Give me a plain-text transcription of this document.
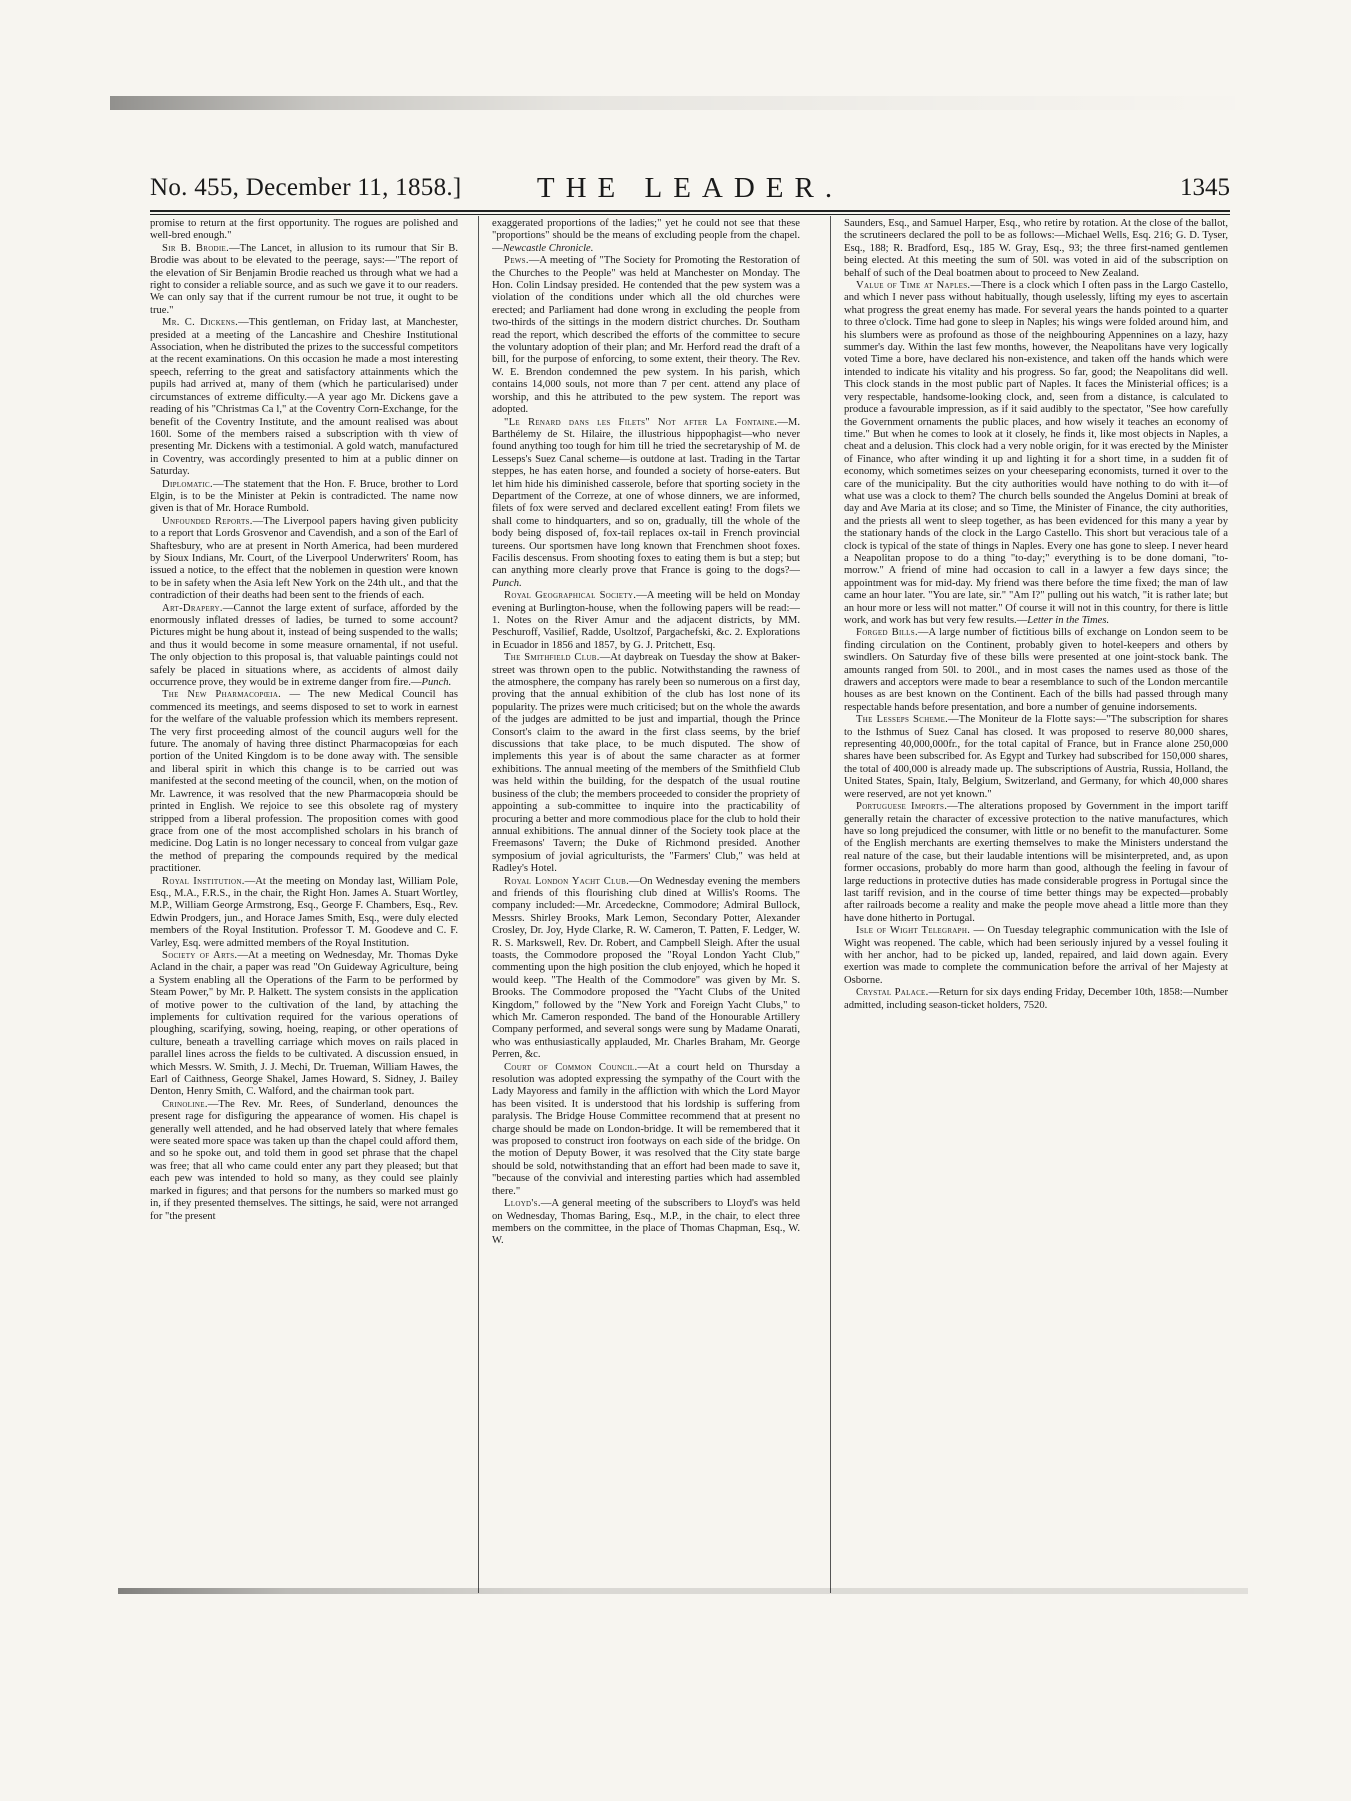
No. 455, December 11, 1858.]	THE LEADER.	1345

promise to return at the first opportunity. The rogues are polished and well-bred enough."

Sir B. Brodie.—The Lancet, in allusion to its rumour that Sir B. Brodie was about to be elevated to the peerage, says:—"The report of the elevation of Sir Benjamin Brodie reached us through what we had a right to consider a reliable source, and as such we gave it to our readers. We can only say that if the current rumour be not true, it ought to be true."

Mr. C. Dickens.—This gentleman, on Friday last, at Manchester, presided at a meeting of the Lancashire and Cheshire Institutional Association, when he distributed the prizes to the successful competitors at the recent examinations. On this occasion he made a most interesting speech, referring to the great and satisfactory attainments which the pupils had arrived at, many of them (which he particularised) under circumstances of extreme difficulty.—A year ago Mr. Dickens gave a reading of his "Christmas Ca l," at the Coventry Corn-Exchange, for the benefit of the Coventry Institute, and the amount realised was about 160l. Some of the members raised a subscription with th view of presenting Mr. Dickens with a testimonial. A gold watch, manufactured in Coventry, was accordingly presented to him at a public dinner on Saturday.

Diplomatic.—The statement that the Hon. F. Bruce, brother to Lord Elgin, is to be the Minister at Pekin is contradicted. The name now given is that of Mr. Horace Rumbold.

Unfounded Reports.—The Liverpool papers having given publicity to a report that Lords Grosvenor and Cavendish, and a son of the Earl of Shaftesbury, who are at present in North America, had been murdered by Sioux Indians, Mr. Court, of the Liverpool Underwriters' Room, has issued a notice, to the effect that the noblemen in question were known to be in safety when the Asia left New York on the 24th ult., and that the contradiction of their deaths had been sent to the friends of each.

Art-Drapery.—Cannot the large extent of surface, afforded by the enormously inflated dresses of ladies, be turned to some account? Pictures might be hung about it, instead of being suspended to the walls; and thus it would become in some measure ornamental, if not useful. The only objection to this proposal is, that valuable paintings could not safely be placed in situations where, as accidents of almost daily occurrence prove, they would be in extreme danger from fire.—Punch.

The New Pharmacopœia. — The new Medical Council has commenced its meetings, and seems disposed to set to work in earnest for the welfare of the valuable profession which its members represent. The very first proceeding almost of the council augurs well for the future. The anomaly of having three distinct Pharmacopœias for each portion of the United Kingdom is to be done away with. The sensible and liberal spirit in which this change is to be carried out was manifested at the second meeting of the council, when, on the motion of Mr. Lawrence, it was resolved that the new Pharmacopœia should be printed in English. We rejoice to see this obsolete rag of mystery stripped from a liberal profession. The proposition comes with good grace from one of the most accomplished scholars in his branch of medicine. Dog Latin is no longer necessary to conceal from vulgar gaze the method of preparing the compounds required by the medical practitioner.

Royal Institution.—At the meeting on Monday last, William Pole, Esq., M.A., F.R.S., in the chair, the Right Hon. James A. Stuart Wortley, M.P., William George Armstrong, Esq., George F. Chambers, Esq., Rev. Edwin Prodgers, jun., and Horace James Smith, Esq., were duly elected members of the Royal Institution. Professor T. M. Goodeve and C. F. Varley, Esq. were admitted members of the Royal Institution.

Society of Arts.—At a meeting on Wednesday, Mr. Thomas Dyke Acland in the chair, a paper was read "On Guideway Agriculture, being a System enabling all the Operations of the Farm to be performed by Steam Power," by Mr. P. Halkett. The system consists in the application of motive power to the cultivation of the land, by attaching the implements for cultivation required for the various operations of ploughing, scarifying, sowing, hoeing, reaping, or other operations of culture, beneath a travelling carriage which moves on rails placed in parallel lines across the fields to be cultivated. A discussion ensued, in which Messrs. W. Smith, J. J. Mechi, Dr. Trueman, William Hawes, the Earl of Caithness, George Shakel, James Howard, S. Sidney, J. Bailey Denton, Henry Smith, C. Walford, and the chairman took part.

Crinoline.—The Rev. Mr. Rees, of Sunderland, denounces the present rage for disfiguring the appearance of women. His chapel is generally well attended, and he had observed lately that where females were seated more space was taken up than the chapel could afford them, and so he spoke out, and told them in good set phrase that the chapel was free; that all who came could enter any part they pleased; but that each pew was intended to hold so many, as they could see plainly marked in figures; and that persons for the numbers so marked must go in, if they presented themselves. The sittings, he said, were not arranged for "the present

exaggerated proportions of the ladies;" yet he could not see that these "proportions" should be the means of excluding people from the chapel.—Newcastle Chronicle.

Pews.—A meeting of "The Society for Promoting the Restoration of the Churches to the People" was held at Manchester on Monday. The Hon. Colin Lindsay presided. He contended that the pew system was a violation of the conditions under which all the old churches were erected; and Parliament had done wrong in excluding the people from two-thirds of the sittings in the modern district churches. Dr. Southam read the report, which described the efforts of the committee to secure the voluntary adoption of their plan; and Mr. Herford read the draft of a bill, for the purpose of enforcing, to some extent, their theory. The Rev. W. E. Brendon condemned the pew system. In his parish, which contains 14,000 souls, not more than 7 per cent. attend any place of worship, and this he attributed to the pew system. The report was adopted.

"Le Renard dans les Filets" Not after La Fontaine.—M. Barthélemy de St. Hilaire, the illustrious hippophagist—who never found anything too tough for him till he tried the secretaryship of M. de Lesseps's Suez Canal scheme—is outdone at last. Trading in the Tartar steppes, he has eaten horse, and founded a society of horse-eaters. But let him hide his diminished casserole, before that sporting society in the Department of the Correze, at one of whose dinners, we are informed, filets of fox were served and declared excellent eating! From filets we shall come to hindquarters, and so on, gradually, till the whole of the body being disposed of, fox-tail replaces ox-tail in French provincial tureens. Our sportsmen have long known that Frenchmen shoot foxes. Facilis descensus. From shooting foxes to eating them is but a step; but can anything more clearly prove that France is going to the dogs?—Punch.

Royal Geographical Society.—A meeting will be held on Monday evening at Burlington-house, when the following papers will be read:—1. Notes on the River Amur and the adjacent districts, by MM. Peschuroff, Vasilief, Radde, Usoltzof, Pargachefski, &c. 2. Explorations in Ecuador in 1856 and 1857, by G. J. Pritchett, Esq.

The Smithfield Club.—At daybreak on Tuesday the show at Baker-street was thrown open to the public. Notwithstanding the rawness of the atmosphere, the company has rarely been so numerous on a first day, proving that the annual exhibition of the club has lost none of its popularity. The prizes were much criticised; but on the whole the awards of the judges are admitted to be just and impartial, though the Prince Consort's claim to the award in the first class seems, by the brief discussions that take place, to be much disputed. The show of implements this year is of about the same character as at former exhibitions. The annual meeting of the members of the Smithfield Club was held within the building, for the despatch of the usual routine business of the club; the members proceeded to consider the propriety of appointing a sub-committee to inquire into the practicability of procuring a better and more commodious place for the club to hold their annual exhibitions. The annual dinner of the Society took place at the Freemasons' Tavern; the Duke of Richmond presided. Another symposium of jovial agriculturists, the "Farmers' Club," was held at Radley's Hotel.

Royal London Yacht Club.—On Wednesday evening the members and friends of this flourishing club dined at Willis's Rooms. The company included:—Mr. Arcedeckne, Commodore; Admiral Bullock, Messrs. Shirley Brooks, Mark Lemon, Secondary Potter, Alexander Crosley, Dr. Joy, Hyde Clarke, R. W. Cameron, T. Patten, F. Ledger, W. R. S. Markswell, Rev. Dr. Robert, and Campbell Sleigh. After the usual toasts, the Commodore proposed the "Royal London Yacht Club," commenting upon the high position the club enjoyed, which he hoped it would keep. "The Health of the Commodore" was given by Mr. S. Brooks. The Commodore proposed the "Yacht Clubs of the United Kingdom," followed by the "New York and Foreign Yacht Clubs," to which Mr. Cameron responded. The band of the Honourable Artillery Company performed, and several songs were sung by Madame Onarati, who was enthusiastically applauded, Mr. Charles Braham, Mr. George Perren, &c.

Court of Common Council.—At a court held on Thursday a resolution was adopted expressing the sympathy of the Court with the Lady Mayoress and family in the affliction with which the Lord Mayor has been visited. It is understood that his lordship is suffering from paralysis. The Bridge House Committee recommend that at present no charge should be made on London-bridge. It will be remembered that it was proposed to construct iron footways on each side of the bridge. On the motion of Deputy Bower, it was resolved that the City state barge should be sold, notwithstanding that an effort had been made to save it, "because of the convivial and interesting parties which had assembled there."

Lloyd's.—A general meeting of the subscribers to Lloyd's was held on Wednesday, Thomas Baring, Esq., M.P., in the chair, to elect three members on the committee, in the place of Thomas Chapman, Esq., W. W.

Saunders, Esq., and Samuel Harper, Esq., who retire by rotation. At the close of the ballot, the scrutineers declared the poll to be as follows:—Michael Wells, Esq. 216; G. D. Tyser, Esq., 188; R. Bradford, Esq., 185 W. Gray, Esq., 93; the three first-named gentlemen being elected. At this meeting the sum of 50l. was voted in aid of the subscription on behalf of such of the Deal boatmen about to proceed to New Zealand.

Value of Time at Naples.—There is a clock which I often pass in the Largo Castello, and which I never pass without habitually, though uselessly, lifting my eyes to ascertain what progress the great enemy has made. For several years the hands pointed to a quarter to three o'clock. Time had gone to sleep in Naples; his wings were folded around him, and his slumbers were as profound as those of the neighbouring Appennines on a lazy, hazy summer's day. Within the last few months, however, the Neapolitans have very logically voted Time a bore, have declared his non-existence, and taken off the hands which were intended to indicate his vitality and his progress. So far, good; the Neapolitans did well. This clock stands in the most public part of Naples. It faces the Ministerial offices; is a very respectable, handsome-looking clock, and, seen from a distance, is calculated to produce a favourable impression, as if it said audibly to the spectator, "See how carefully the Government ornaments the public places, and how wisely it teaches an economy of time." But when he comes to look at it closely, he finds it, like most objects in Naples, a cheat and a delusion. This clock had a very noble origin, for it was erected by the Minister of Finance, who after winding it up and lighting it for a short time, in a sudden fit of economy, which sometimes seizes on your cheeseparing economists, turned it over to the care of the municipality. But the city authorities would have nothing to do with it—of what use was a clock to them? The church bells sounded the Angelus Domini at break of day and Ave Maria at its close; and so Time, the Minister of Finance, the city authorities, and the priests all went to sleep together, as has been evidenced for this many a year by the stationary hands of the clock in the Largo Castello. This short but veracious tale of a clock is typical of the state of things in Naples. Every one has gone to sleep. I never heard a Neapolitan propose to do a thing "to-day;" everything is to be done domani, "to-morrow." A friend of mine had occasion to call in a lawyer a few days since; the appointment was for mid-day. My friend was there before the time fixed; the man of law came an hour later. "You are late, sir." "Am I?" pulling out his watch, "it is rather late; but an hour more or less will not matter." Of course it will not in this country, for there is little work, and work has but very few results.—Letter in the Times.

Forged Bills.—A large number of fictitious bills of exchange on London seem to be finding circulation on the Continent, probably given to hotel-keepers and others by swindlers. On Saturday five of these bills were presented at one joint-stock bank. The amounts ranged from 50l. to 200l., and in most cases the names used as those of the drawers and acceptors were made to bear a resemblance to such of the London mercantile houses as are best known on the Continent. Each of the bills had passed through many respectable hands before presentation, and bore a number of genuine indorsements.

The Lesseps Scheme.—The Moniteur de la Flotte says:—"The subscription for shares to the Isthmus of Suez Canal has closed. It was proposed to reserve 80,000 shares, representing 40,000,000fr., for the total capital of France, but in France alone 250,000 shares have been subscribed for. As Egypt and Turkey had subscribed for 150,000 shares, the total of 400,000 is already made up. The subscriptions of Austria, Russia, Holland, the United States, Spain, Italy, Belgium, Switzerland, and Germany, for which 40,000 shares were reserved, are not yet known."

Portuguese Imports.—The alterations proposed by Government in the import tariff generally retain the character of excessive protection to the native manufactures, which have so long prejudiced the consumer, with little or no benefit to the manufacturer. Some of the English merchants are exerting themselves to make the Ministers understand the real nature of the case, but their laudable intentions will be misinterpreted, and, as upon former occasions, probably do more harm than good, although the feeling in favour of large reductions in protective duties has made considerable progress in Portugal since the last tariff revision, and in the course of time better things may be expected—probably after railroads become a reality and make the people move ahead a little more than they have done hitherto in Portugal.

Isle of Wight Telegraph. — On Tuesday telegraphic communication with the Isle of Wight was reopened. The cable, which had been seriously injured by a vessel fouling it with her anchor, had to be picked up, landed, repaired, and laid down again. Every exertion was made to complete the communication before the arrival of her Majesty at Osborne.

Crystal Palace.—Return for six days ending Friday, December 10th, 1858:—Number admitted, including season-ticket holders, 7520.
